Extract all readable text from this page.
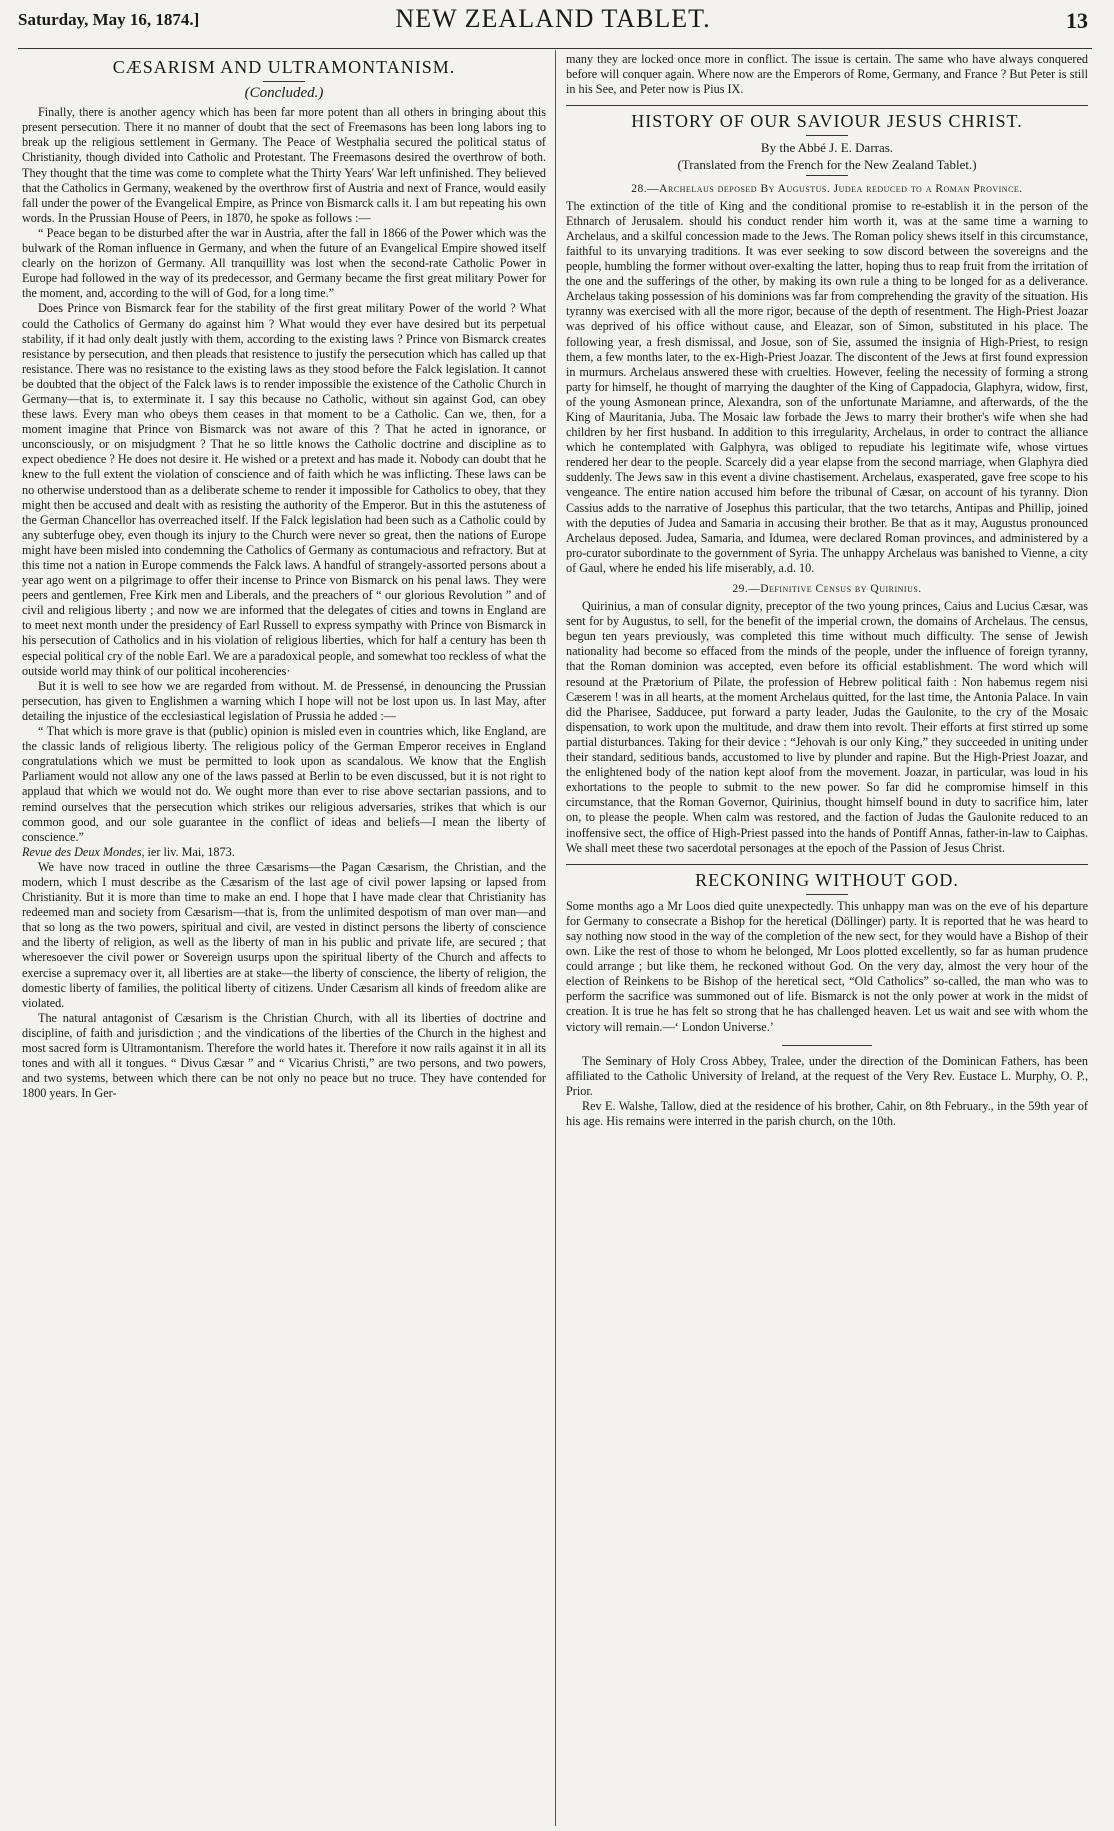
Saturday, May 16, 1874.]	NEW ZEALAND TABLET.	13
CÆSARISM AND ULTRAMONTANISM.
(Concluded.)

Finally, there is another agency which has been far more potent than all others in bringing about this present persecution. There it no manner of doubt that the sect of Freemasons has been long labors ing to break up the religious settlement in Germany. The Peace of Westphalia secured the political status of Christianity, though divided into Catholic and Protestant. The Freemasons desired the overthrow of both. They thought that the time was come to complete what the Thirty Years' War left unfinished. They believed that the Catholics in Germany, weakened by the overthrow first of Austria and next of France, would easily fall under the power of the Evangelical Empire, as Prince von Bismarck calls it. I am but repeating his own words. In the Prussian House of Peers, in 1870, he spoke as follows :—

“ Peace began to be disturbed after the war in Austria, after the fall in 1866 of the Power which was the bulwark of the Roman influence in Germany, and when the future of an Evangelical Empire showed itself clearly on the horizon of Germany. All tranquillity was lost when the second-rate Catholic Power in Europe had followed in the way of its predecessor, and Germany became the first great military Power for the moment, and, according to the will of God, for a long time.”

Does Prince von Bismarck fear for the stability of the first great military Power of the world ? What could the Catholics of Germany do against him ? What would they ever have desired but its perpetual stability, if it had only dealt justly with them, according to the existing laws ? Prince von Bismarck creates resistance by persecution, and then pleads that resistence to justify the persecution which has called up that resistance. There was no resistance to the existing laws as they stood before the Falck legislation. It cannot be doubted that the object of the Falck laws is to render impossible the existence of the Catholic Church in Germany—that is, to exterminate it. I say this because no Catholic, without sin against God, can obey these laws. Every man who obeys them ceases in that moment to be a Catholic. Can we, then, for a moment imagine that Prince von Bismarck was not aware of this ? That he acted in ignorance, or unconsciously, or on misjudgment ? That he so little knows the Catholic doctrine and discipline as to expect obedience ? He does not desire it. He wished or a pretext and has made it. Nobody can doubt that he knew to the full extent the violation of conscience and of faith which he was inflicting. These laws can be no otherwise understood than as a deliberate scheme to render it impossible for Catholics to obey, that they might then be accused and dealt with as resisting the authority of the Emperor. But in this the astuteness of the German Chancellor has overreached itself. If the Falck legislation had been such as a Catholic could by any subterfuge obey, even though its injury to the Church were never so great, then the nations of Europe might have been misled into condemning the Catholics of Germany as contumacious and refractory. But at this time not a nation in Europe commends the Falck laws. A handful of strangely-assorted persons about a year ago went on a pilgrimage to offer their incense to Prince von Bismarck on his penal laws. They were peers and gentlemen, Free Kirk men and Liberals, and the preachers of “ our glorious Revolution ” and of civil and religious liberty ; and now we are informed that the delegates of cities and towns in England are to meet next month under the presidency of Earl Russell to express sympathy with Prince von Bismarck in his persecution of Catholics and in his violation of religious liberties, which for half a century has been th especial political cry of the noble Earl. We are a paradoxical people, and somewhat too reckless of what the outside world may think of our political incoherencies·

But it is well to see how we are regarded from without. M. de Pressensé, in denouncing the Prussian persecution, has given to Englishmen a warning which I hope will not be lost upon us. In last May, after detailing the injustice of the ecclesiastical legislation of Prussia he added :—

“ That which is more grave is that (public) opinion is misled even in countries which, like England, are the classic lands of religious liberty. The religious policy of the German Emperor receives in England congratulations which we must be permitted to look upon as scandalous. We know that the English Parliament would not allow any one of the laws passed at Berlin to be even discussed, but it is not right to applaud that which we would not do. We ought more than ever to rise above sectarian passions, and to remind ourselves that the persecution which strikes our religious adversaries, strikes that which is our common good, and our sole guarantee in the conflict of ideas and beliefs—I mean the liberty of conscience.”

Revue des Deux Mondes, ier liv. Mai, 1873.

We have now traced in outline the three Cæsarisms—the Pagan Cæsarism, the Christian, and the modern, which I must describe as the Cæsarism of the last age of civil power lapsing or lapsed from Christianity. But it is more than time to make an end. I hope that I have made clear that Christianity has redeemed man and society from Cæsarism—that is, from the unlimited despotism of man over man—and that so long as the two powers, spiritual and civil, are vested in distinct persons the liberty of conscience and the liberty of religion, as well as the liberty of man in his public and private life, are secured ; that wheresoever the civil power or Sovereign usurps upon the spiritual liberty of the Church and affects to exercise a supremacy over it, all liberties are at stake—the liberty of conscience, the liberty of religion, the domestic liberty of families, the political liberty of citizens. Under Cæsarism all kinds of freedom alike are violated.

The natural antagonist of Cæsarism is the Christian Church, with all its liberties of doctrine and discipline, of faith and jurisdiction ; and the vindications of the liberties of the Church in the highest and most sacred form is Ultramontanism. Therefore the world hates it. Therefore it now rails against it in all its tones and with all it tongues. “ Divus Cæsar ” and “ Vicarius Christi,” are two persons, and two powers, and two systems, between which there can be not only no peace but no truce. They have contended for 1800 years. In Ger-

many they are locked once more in conflict. The issue is certain. The same who have always conquered before will conquer again. Where now are the Emperors of Rome, Germany, and France ? But Peter is still in his See, and Peter now is Pius IX.

HISTORY OF OUR SAVIOUR JESUS CHRIST.
By the Abbé J. E. Darras.
(Translated from the French for the New Zealand Tablet.)
28.—Archelaus deposed By Augustus. Judea reduced to a Roman Province.

The extinction of the title of King and the conditional promise to re-establish it in the person of the Ethnarch of Jerusalem. should his conduct render him worth it, was at the same time a warning to Archelaus, and a skilful concession made to the Jews. The Roman policy shews itself in this circumstance, faithful to its unvarying traditions. It was ever seeking to sow discord between the sovereigns and the people, humbling the former without over-exalting the latter, hoping thus to reap fruit from the irritation of the one and the sufferings of the other, by making its own rule a thing to be longed for as a deliverance. Archelaus taking possession of his dominions was far from comprehending the gravity of the situation. His tyranny was exercised with all the more rigor, because of the depth of resentment. The High-Priest Joazar was deprived of his office without cause, and Eleazar, son of Simon, substituted in his place. The following year, a fresh dismissal, and Josue, son of Sie, assumed the insignia of High-Priest, to resign them, a few months later, to the ex-High-Priest Joazar. The discontent of the Jews at first found expression in murmurs. Archelaus answered these with cruelties. However, feeling the necessity of forming a strong party for himself, he thought of marrying the daughter of the King of Cappadocia, Glaphyra, widow, first, of the young Asmonean prince, Alexandra, son of the unfortunate Mariamne, and afterwards, of the the King of Mauritania, Juba. The Mosaic law forbade the Jews to marry their brother's wife when she had children by her first husband. In addition to this irregularity, Archelaus, in order to contract the alliance which he contemplated with Galphyra, was obliged to repudiate his legitimate wife, whose virtues rendered her dear to the people. Scarcely did a year elapse from the second marriage, when Glaphyra died suddenly. The Jews saw in this event a divine chastisement. Archelaus, exasperated, gave free scope to his vengeance. The entire nation accused him before the tribunal of Cæsar, on account of his tyranny. Dion Cassius adds to the narrative of Josephus this particular, that the two tetarchs, Antipas and Phillip, joined with the deputies of Judea and Samaria in accusing their brother. Be that as it may, Augustus pronounced Archelaus deposed. Judea, Samaria, and Idumea, were declared Roman provinces, and administered by a pro-curator subordinate to the government of Syria. The unhappy Archelaus was banished to Vienne, a city of Gaul, where he ended his life miserably, a.d. 10.

29.—Definitive Census by Quirinius.

Quirinius, a man of consular dignity, preceptor of the two young princes, Caius and Lucius Cæsar, was sent for by Augustus, to sell, for the benefit of the imperial crown, the domains of Archelaus. The census, begun ten years previously, was completed this time without much difficulty. The sense of Jewish nationality had become so effaced from the minds of the people, under the influence of foreign tyranny, that the Roman dominion was accepted, even before its official establishment. The word which will resound at the Prætorium of Pilate, the profession of Hebrew political faith : Non habemus regem nisi Cæserem ! was in all hearts, at the moment Archelaus quitted, for the last time, the Antonia Palace. In vain did the Pharisee, Sadducee, put forward a party leader, Judas the Gaulonite, to the cry of the Mosaic dispensation, to work upon the multitude, and draw them into revolt. Their efforts at first stirred up some partial disturbances. Taking for their device : “Jehovah is our only King,” they succeeded in uniting under their standard, seditious bands, accustomed to live by plunder and rapine. But the High-Priest Joazar, and the enlightened body of the nation kept aloof from the movement. Joazar, in particular, was loud in his exhortations to the people to submit to the new power. So far did he compromise himself in this circumstance, that the Roman Governor, Quirinius, thought himself bound in duty to sacrifice him, later on, to please the people. When calm was restored, and the faction of Judas the Gaulonite reduced to an inoffensive sect, the office of High-Priest passed into the hands of Pontiff Annas, father-in-law to Caiphas. We shall meet these two sacerdotal personages at the epoch of the Passion of Jesus Christ.

RECKONING WITHOUT GOD.

Some months ago a Mr Loos died quite unexpectedly. This unhappy man was on the eve of his departure for Germany to consecrate a Bishop for the heretical (Döllinger) party. It is reported that he was heard to say nothing now stood in the way of the completion of the new sect, for they would have a Bishop of their own. Like the rest of those to whom he belonged, Mr Loos plotted excellently, so far as human prudence could arrange ; but like them, he reckoned without God. On the very day, almost the very hour of the election of Reinkens to be Bishop of the heretical sect, “Old Catholics” so-called, the man who was to perform the sacrifice was summoned out of life. Bismarck is not the only power at work in the midst of creation. It is true he has felt so strong that he has challenged heaven. Let us wait and see with whom the victory will remain.—‘ London Universe.’

The Seminary of Holy Cross Abbey, Tralee, under the direction of the Dominican Fathers, has been affiliated to the Catholic University of Ireland, at the request of the Very Rev. Eustace L. Murphy, O. P., Prior.

Rev E. Walshe, Tallow, died at the residence of his brother, Cahir, on 8th February., in the 59th year of his age. His remains were interred in the parish church, on the 10th.
